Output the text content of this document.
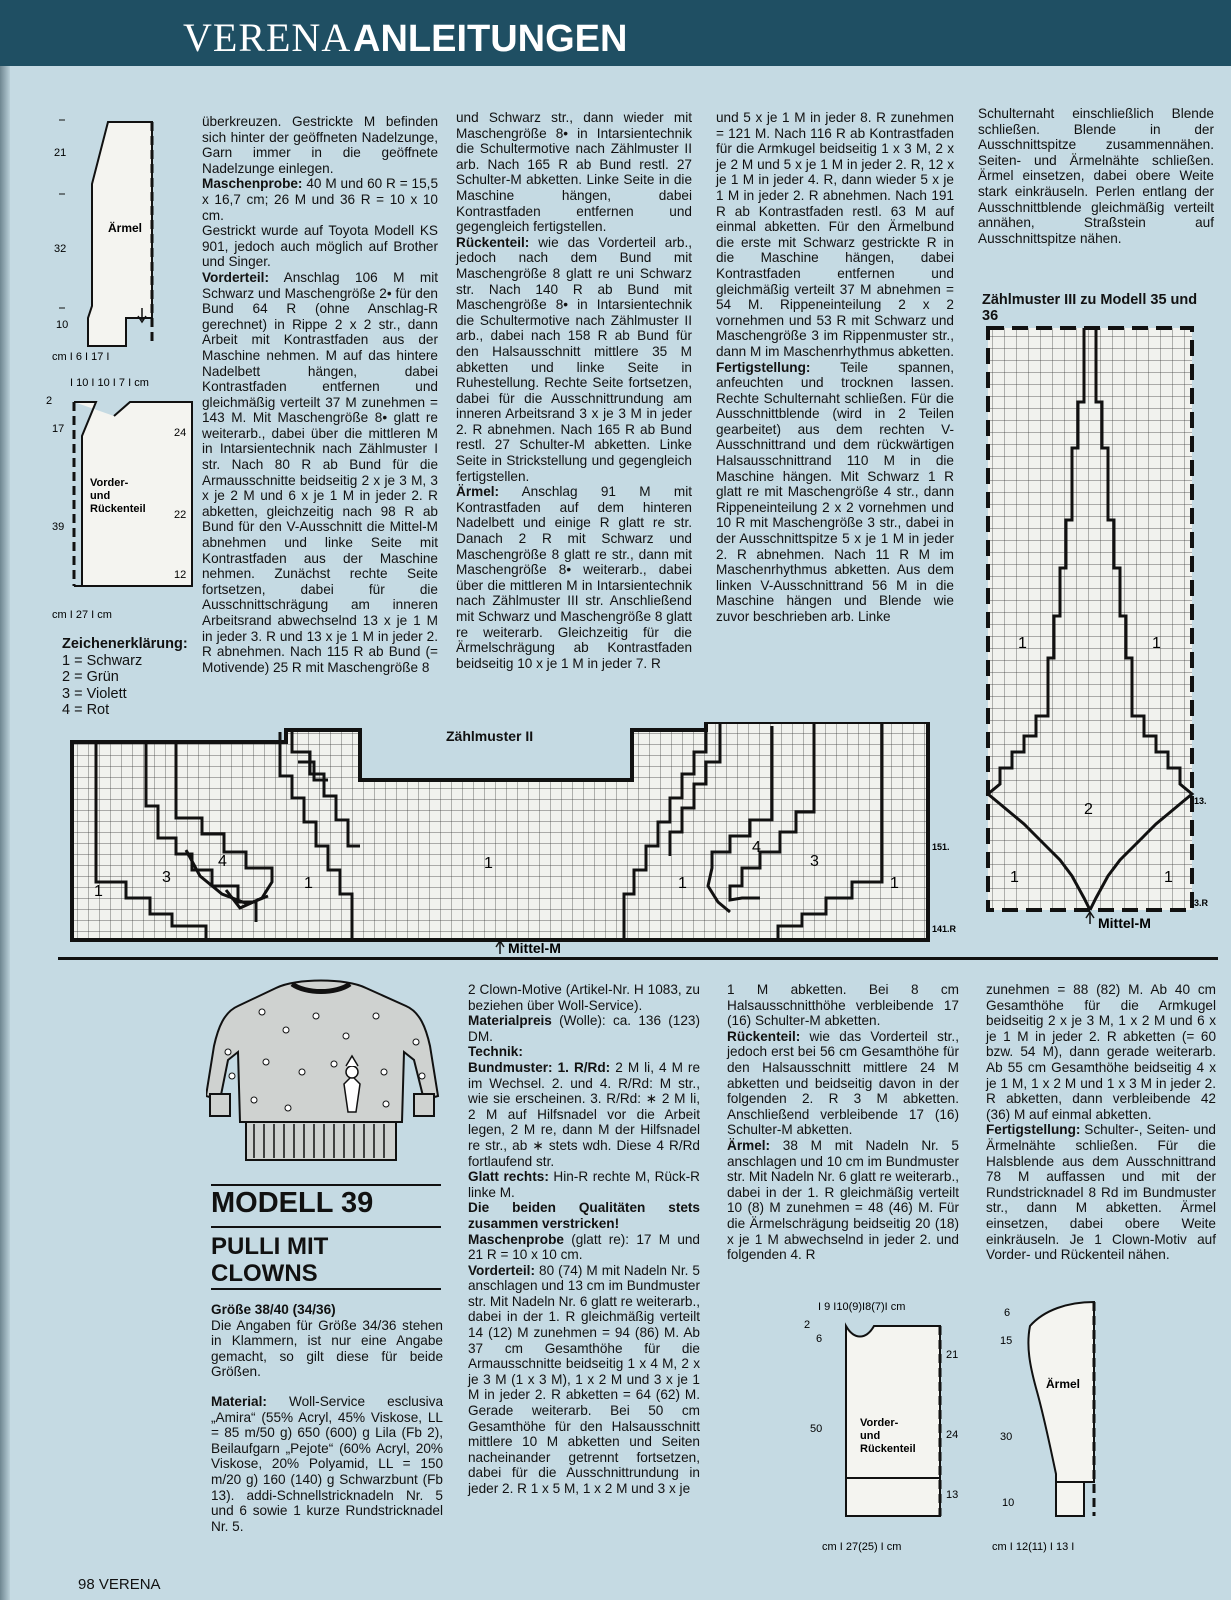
VERENA ANLEITUNGEN
21
32
10
Ärmel
cm I 6 I 17 I
I 10 I 10 I 7 I cm
2
17
39
24
22
12
Vorder-
und
Rückenteil
cm I 27 I cm
Zeichenerklärung:
1 = Schwarz
2 = Grün
3 = Violett
4 = Rot

überkreuzen. Gestrickte M befinden sich hinter der geöffneten Nadelzunge, Garn immer in die geöffnete Nadelzunge einlegen.

Maschenprobe: 40 M und 60 R = 15,5 x 16,7 cm; 26 M und 36 R = 10 x 10 cm.

Gestrickt wurde auf Toyota Modell KS 901, jedoch auch möglich auf Brother und Singer.

Vorderteil: Anschlag 106 M mit Schwarz und Maschengröße 2• für den Bund 64 R (ohne Anschlag-R gerechnet) in Rippe 2 x 2 str., dann Arbeit mit Kontrastfaden aus der Maschine nehmen. M auf das hintere Nadelbett hängen, dabei Kontrastfaden entfernen und gleichmäßig verteilt 37 M zunehmen = 143 M. Mit Maschengröße 8• glatt re weiterarb., dabei über die mittleren M in Intarsientechnik nach Zählmuster I str. Nach 80 R ab Bund für die Armausschnitte beidseitig 2 x je 3 M, 3 x je 2 M und 6 x je 1 M in jeder 2. R abketten, gleichzeitig nach 98 R ab Bund für den V-Ausschnitt die Mittel-M abnehmen und linke Seite mit Kontrastfaden aus der Maschine nehmen. Zunächst rechte Seite fortsetzen, dabei für die Ausschnittschrägung am inneren Arbeitsrand abwechselnd 13 x je 1 M in jeder 3. R und 13 x je 1 M in jeder 2. R abnehmen. Nach 115 R ab Bund (= Motivende) 25 R mit Maschengröße 8

und Schwarz str., dann wieder mit Maschengröße 8• in Intarsientechnik die Schultermotive nach Zählmuster II arb. Nach 165 R ab Bund restl. 27 Schulter-M abketten. Linke Seite in die Maschine hängen, dabei Kontrastfaden entfernen und gegengleich fertigstellen.

Rückenteil: wie das Vorderteil arb., jedoch nach dem Bund mit Maschengröße 8 glatt re uni Schwarz str. Nach 140 R ab Bund mit Maschengröße 8• in Intarsientechnik die Schultermotive nach Zählmuster II arb., dabei nach 158 R ab Bund für den Halsausschnitt mittlere 35 M abketten und linke Seite in Ruhestellung. Rechte Seite fortsetzen, dabei für die Ausschnittrundung am inneren Arbeitsrand 3 x je 3 M in jeder 2. R abnehmen. Nach 165 R ab Bund restl. 27 Schulter-M abketten. Linke Seite in Strickstellung und gegengleich fertigstellen.

Ärmel: Anschlag 91 M mit Kontrastfaden auf dem hinteren Nadelbett und einige R glatt re str. Danach 2 R mit Schwarz und Maschengröße 8 glatt re str., dann mit Maschengröße 8• weiterarb., dabei über die mittleren M in Intarsientechnik nach Zählmuster III str. Anschließend mit Schwarz und Maschengröße 8 glatt re weiterarb. Gleichzeitig für die Ärmelschrägung ab Kontrastfaden beidseitig 10 x je 1 M in jeder 7. R

und 5 x je 1 M in jeder 8. R zunehmen = 121 M. Nach 116 R ab Kontrastfaden für die Armkugel beidseitig 1 x 3 M, 2 x je 2 M und 5 x je 1 M in jeder 2. R, 12 x je 1 M in jeder 4. R, dann wieder 5 x je 1 M in jeder 2. R abnehmen. Nach 191 R ab Kontrastfaden restl. 63 M auf einmal abketten. Für den Ärmelbund die erste mit Schwarz gestrickte R in die Maschine hängen, dabei Kontrastfaden entfernen und gleichmäßig verteilt 37 M abnehmen = 54 M. Rippeneinteilung 2 x 2 vornehmen und 53 R mit Schwarz und Maschengröße 3 im Rippenmuster str., dann M im Maschenrhythmus abketten.

Fertigstellung: Teile spannen, anfeuchten und trocknen lassen. Rechte Schulternaht schließen. Für die Ausschnittblende (wird in 2 Teilen gearbeitet) aus dem rechten V-Ausschnittrand und dem rückwärtigen Halsausschnittrand 110 M in die Maschine hängen. Mit Schwarz 1 R glatt re mit Maschengröße 4 str., dann Rippeneinteilung 2 x 2 vornehmen und 10 R mit Maschengröße 3 str., dabei in der Ausschnittspitze 5 x je 1 M in jeder 2. R abnehmen. Nach 11 R M im Maschenrhythmus abketten. Aus dem linken V-Ausschnittrand 56 M in die Maschine hängen und Blende wie zuvor beschrieben arb. Linke

Schulternaht einschließlich Blende schließen. Blende in der Ausschnittspitze zusammennähen. Seiten- und Ärmelnähte schließen. Ärmel einsetzen, dabei obere Weite stark einkräuseln. Perlen entlang der Ausschnittblende gleichmäßig verteilt annähen, Straßstein auf Ausschnittspitze nähen.

Zählmuster III zu Modell 35 und 36
1	1
2
1	1
13.
3.R
Mittel-M
Zählmuster II
1
3
4
1
1
1
4
3
1
151.
141.R
Mittel-M
MODELL 39
PULLI MIT
CLOWNS

Größe 38/40 (34/36)

Die Angaben für Größe 34/36 stehen in Klammern, ist nur eine Angabe gemacht, so gilt diese für beide Größen.

Material: Woll-Service esclusiva „Amira“ (55% Acryl, 45% Viskose, LL = 85 m/50 g) 650 (600) g Lila (Fb 2), Beilaufgarn „Pejote“ (60% Acryl, 20% Viskose, 20% Polyamid, LL = 150 m/20 g) 160 (140) g Schwarzbunt (Fb 13). addi-Schnellstricknadeln Nr. 5 und 6 sowie 1 kurze Rundstricknadel Nr. 5.

2 Clown-Motive (Artikel-Nr. H 1083, zu beziehen über Woll-Service).

Materialpreis (Wolle): ca. 136 (123) DM.

Technik:

Bundmuster: 1. R/Rd: 2 M li, 4 M re im Wechsel. 2. und 4. R/Rd: M str., wie sie erscheinen. 3. R/Rd: ∗ 2 M li, 2 M auf Hilfsnadel vor die Arbeit legen, 2 M re, dann M der Hilfsnadel re str., ab ∗ stets wdh. Diese 4 R/Rd fortlaufend str.

Glatt rechts: Hin-R rechte M, Rück-R linke M.

Die beiden Qualitäten stets zusammen verstricken!

Maschenprobe (glatt re): 17 M und 21 R = 10 x 10 cm.

Vorderteil: 80 (74) M mit Nadeln Nr. 5 anschlagen und 13 cm im Bundmuster str. Mit Nadeln Nr. 6 glatt re weiterarb., dabei in der 1. R gleichmäßig verteilt 14 (12) M zunehmen = 94 (86) M. Ab 37 cm Gesamthöhe für die Armausschnitte beidseitig 1 x 4 M, 2 x je 3 M (1 x 3 M), 1 x 2 M und 3 x je 1 M in jeder 2. R abketten = 64 (62) M. Gerade weiterarb. Bei 50 cm Gesamthöhe für den Halsausschnitt mittlere 10 M abketten und Seiten nacheinander getrennt fortsetzen, dabei für die Ausschnittrundung in jeder 2. R 1 x 5 M, 1 x 2 M und 3 x je

1 M abketten. Bei 8 cm Halsausschnitthöhe verbleibende 17 (16) Schulter-M abketten.

Rückenteil: wie das Vorderteil str., jedoch erst bei 56 cm Gesamthöhe für den Halsausschnitt mittlere 24 M abketten und beidseitig davon in der folgenden 2. R 3 M abketten. Anschließend verbleibende 17 (16) Schulter-M abketten.

Ärmel: 38 M mit Nadeln Nr. 5 anschlagen und 10 cm im Bundmuster str. Mit Nadeln Nr. 6 glatt re weiterarb., dabei in der 1. R gleichmäßig verteilt 10 (8) M zunehmen = 48 (46) M. Für die Ärmelschrägung beidseitig 20 (18) x je 1 M abwechselnd in jeder 2. und folgenden 4. R

zunehmen = 88 (82) M. Ab 40 cm Gesamthöhe für die Armkugel beidseitig 2 x je 3 M, 1 x 2 M und 6 x je 1 M in jeder 2. R abketten (= 60 bzw. 54 M), dann gerade weiterarb. Ab 55 cm Gesamthöhe beidseitig 4 x je 1 M, 1 x 2 M und 1 x 3 M in jeder 2. R abketten, dann verbleibende 42 (36) M auf einmal abketten.

Fertigstellung: Schulter-, Seiten- und Ärmelnähte schließen. Für die Halsblende aus dem Ausschnittrand 78 M auffassen und mit der Rundstricknadel 8 Rd im Bundmuster str., dann M abketten. Ärmel einsetzen, dabei obere Weite einkräuseln. Je 1 Clown-Motiv auf Vorder- und Rückenteil nähen.

I 9 I10(9)I8(7)I cm
2
6
50
21
24
13
Vorder-
und
Rückenteil
cm I 27(25) I cm
6
15
30
10
Ärmel
cm I 12(11) I 13 I
98 VERENA
